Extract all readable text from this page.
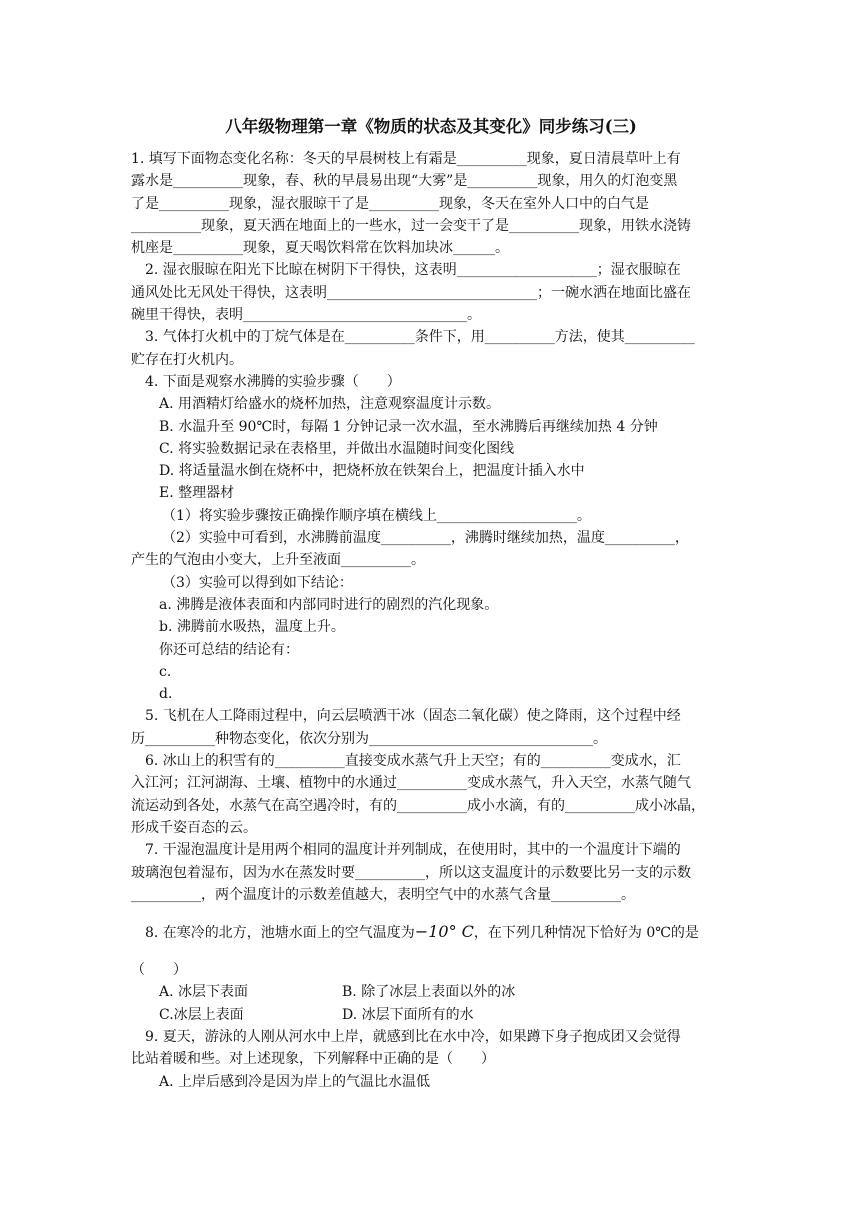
八年级物理第一章《物质的状态及其变化》同步练习(三)

1. 填写下面物态变化名称：冬天的早晨树枝上有霜是__________现象，夏日清晨草叶上有

露水是__________现象，春、秋的早晨易出现“大雾”是__________现象，用久的灯泡变黑

了是__________现象，湿衣服晾干了是__________现象，冬天在室外人口中的白气是

__________现象，夏天洒在地面上的一些水，过一会变干了是__________现象，用铁水浇铸

机座是__________现象，夏天喝饮料常在饮料加块冰______。

2. 湿衣服晾在阳光下比晾在树阴下干得快，这表明____________________；湿衣服晾在

通风处比无风处干得快，这表明______________________________；一碗水洒在地面比盛在

碗里干得快，表明________________________________。

3. 气体打火机中的丁烷气体是在__________条件下，用__________方法，使其__________

贮存在打火机内。

4. 下面是观察水沸腾的实验步骤（　　）

A. 用酒精灯给盛水的烧杯加热，注意观察温度计示数。

B. 水温升至 90℃时，每隔 1 分钟记录一次水温，至水沸腾后再继续加热 4 分钟

C. 将实验数据记录在表格里，并做出水温随时间变化图线

D. 将适量温水倒在烧杯中，把烧杯放在铁架台上，把温度计插入水中

E. 整理器材

（1）将实验步骤按正确操作顺序填在横线上____________________。

（2）实验中可看到，水沸腾前温度__________，沸腾时继续加热，温度__________，

产生的气泡由小变大，上升至液面__________。

（3）实验可以得到如下结论：

a. 沸腾是液体表面和内部同时进行的剧烈的汽化现象。

b. 沸腾前水吸热，温度上升。

你还可总结的结论有：

c.

d.

5. 飞机在人工降雨过程中，向云层喷洒干冰（固态二氧化碳）使之降雨，这个过程中经

历__________种物态变化，依次分别为________________________________。

6. 冰山上的积雪有的__________直接变成水蒸气升上天空；有的__________变成水，汇

入江河；江河湖海、土壤、植物中的水通过__________变成水蒸气，升入天空，水蒸气随气

流运动到各处，水蒸气在高空遇冷时，有的__________成小水滴，有的__________成小冰晶，

形成千姿百态的云。

7. 干湿泡温度计是用两个相同的温度计并列制成，在使用时，其中的一个温度计下端的

玻璃泡包着湿布，因为水在蒸发时要__________，所以这支温度计的示数要比另一支的示数

__________，两个温度计的示数差值越大，表明空气中的水蒸气含量__________。

8. 在寒冷的北方，池塘水面上的空气温度为−10° C，在下列几种情况下恰好为 0℃的是

（　　）

A. 冰层下表面	B. 除了冰层上表面以外的冰
C.冰层上表面	D. 冰层下面所有的水

9. 夏天，游泳的人刚从河水中上岸，就感到比在水中冷，如果蹲下身子抱成团又会觉得

比站着暖和些。对上述现象，下列解释中正确的是（　　）

A. 上岸后感到冷是因为岸上的气温比水温低
